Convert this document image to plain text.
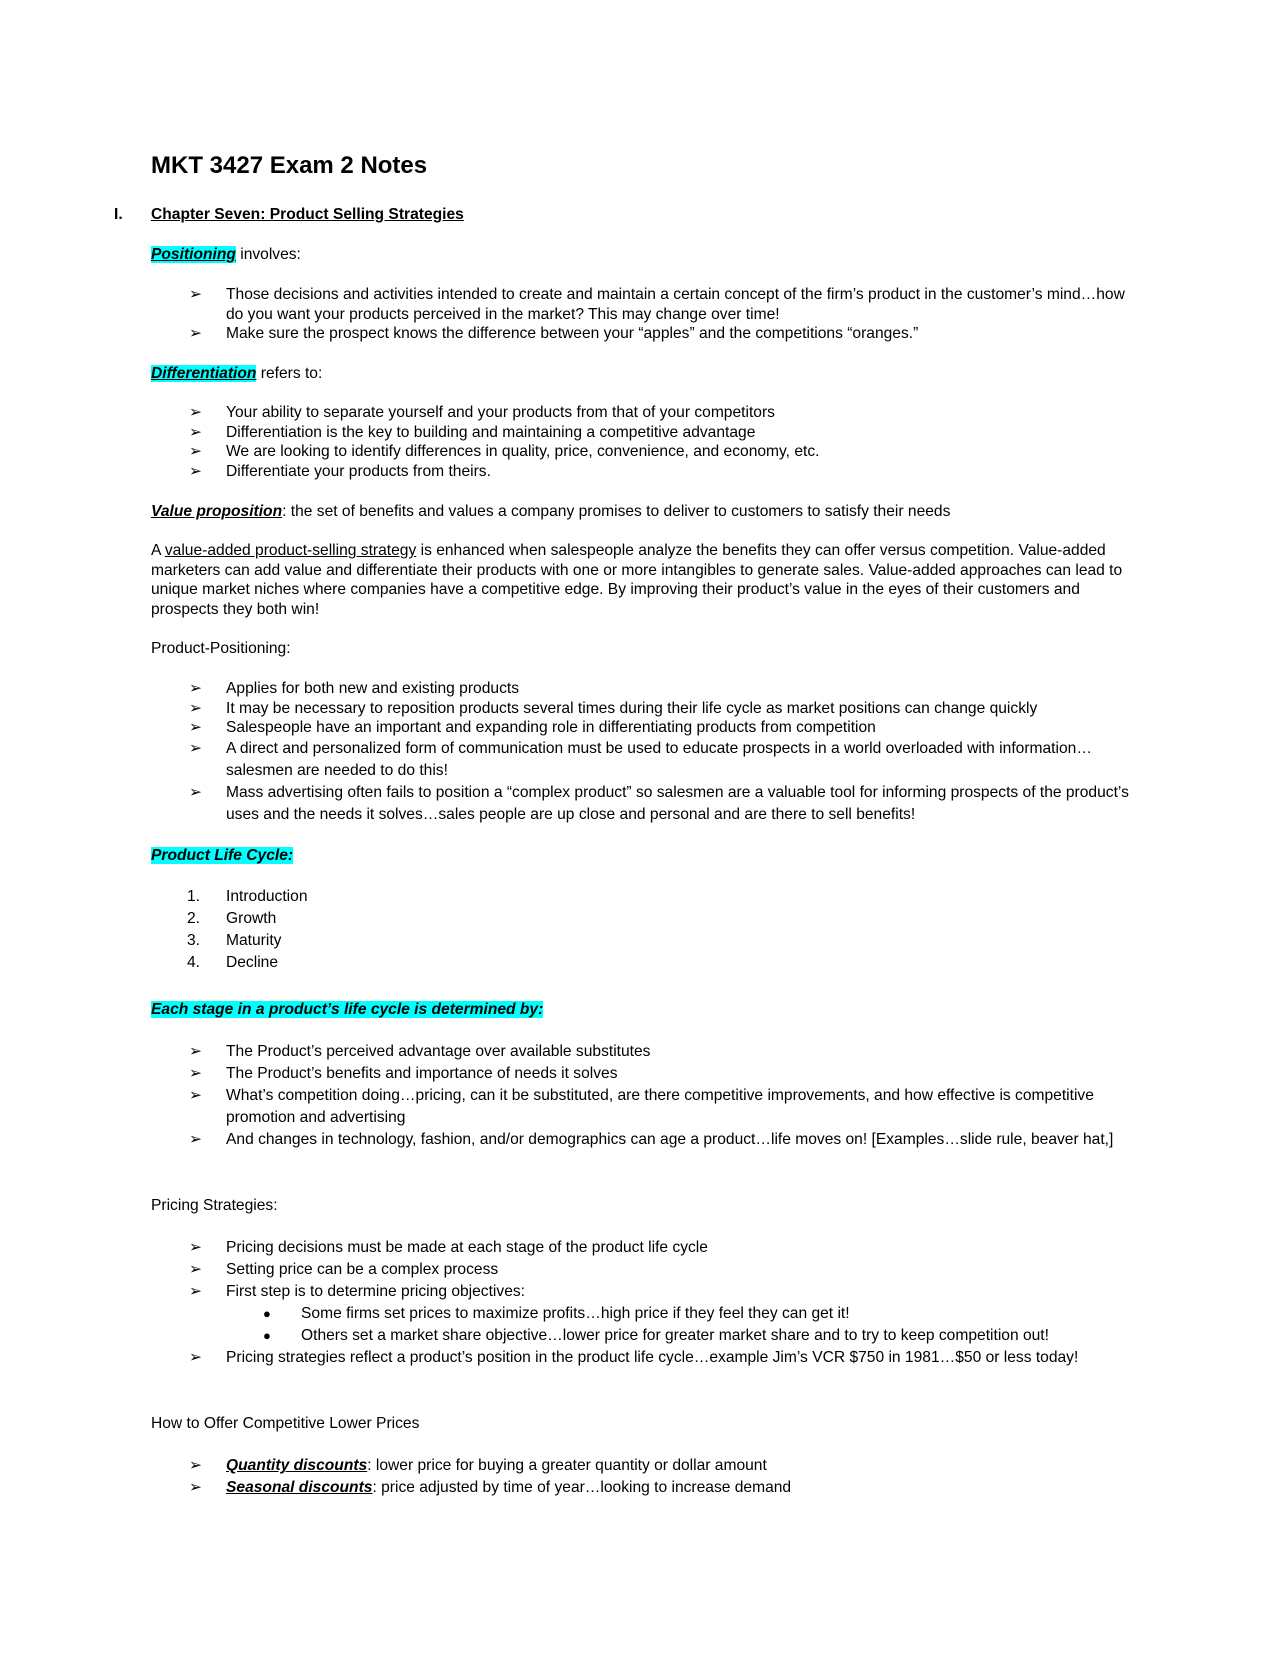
MKT 3427 Exam 2 Notes
I. Chapter Seven: Product Selling Strategies

Positioning involves:

➢ Those decisions and activities intended to create and maintain a certain concept of the firm’s product in the customer’s mind…how do you want your products perceived in the market? This may change over time!
➢ Make sure the prospect knows the difference between your “apples” and the competitions “oranges.”

Differentiation refers to:

➢ Your ability to separate yourself and your products from that of your competitors
➢ Differentiation is the key to building and maintaining a competitive advantage
➢ We are looking to identify differences in quality, price, convenience, and economy, etc.
➢ Differentiate your products from theirs.

Value proposition: the set of benefits and values a company promises to deliver to customers to satisfy their needs

A value-added product-selling strategy is enhanced when salespeople analyze the benefits they can offer versus competition. Value-added marketers can add value and differentiate their products with one or more intangibles to generate sales. Value-added approaches can lead to unique market niches where companies have a competitive edge. By improving their product’s value in the eyes of their customers and prospects they both win!

Product-Positioning:

➢ Applies for both new and existing products
➢ It may be necessary to reposition products several times during their life cycle as market positions can change quickly
➢ Salespeople have an important and expanding role in differentiating products from competition
➢ A direct and personalized form of communication must be used to educate prospects in a world overloaded with information…salesmen are needed to do this!
➢ Mass advertising often fails to position a “complex product” so salesmen are a valuable tool for informing prospects of the product’s uses and the needs it solves…sales people are up close and personal and are there to sell benefits!

Product Life Cycle:

1. Introduction
2. Growth
3. Maturity
4. Decline

Each stage in a product’s life cycle is determined by:

➢ The Product’s perceived advantage over available substitutes
➢ The Product’s benefits and importance of needs it solves
➢ What’s competition doing…pricing, can it be substituted, are there competitive improvements, and how effective is competitive promotion and advertising
➢ And changes in technology, fashion, and/or demographics can age a product…life moves on! [Examples…slide rule, beaver hat,]

Pricing Strategies:

➢ Pricing decisions must be made at each stage of the product life cycle
➢ Setting price can be a complex process
➢ First step is to determine pricing objectives:
● Some firms set prices to maximize profits…high price if they feel they can get it!
● Others set a market share objective…lower price for greater market share and to try to keep competition out!
➢ Pricing strategies reflect a product’s position in the product life cycle…example Jim’s VCR $750 in 1981…$50 or less today!

How to Offer Competitive Lower Prices

➢ Quantity discounts: lower price for buying a greater quantity or dollar amount
➢ Seasonal discounts: price adjusted by time of year…looking to increase demand
